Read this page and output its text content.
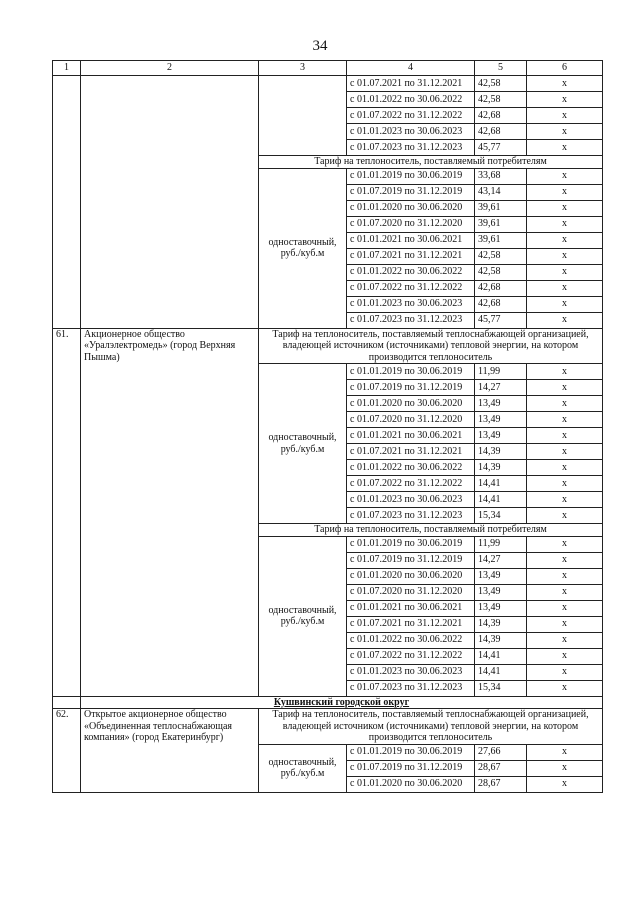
34
1	2	3	4	5	6
			с 01.07.2021 по 31.12.2021	42,58	x
			с 01.01.2022 по 30.06.2022	42,58	x
			с 01.07.2022 по 31.12.2022	42,68	x
			с 01.01.2023 по 30.06.2023	42,68	x
			с 01.07.2023 по 31.12.2023	45,77	x
		Тариф на теплоноситель, поставляемый потребителям			
		одноставочный, руб./куб.м	с 01.01.2019 по 30.06.2019	33,68	x
			с 01.07.2019 по 31.12.2019	43,14	x
			с 01.01.2020 по 30.06.2020	39,61	x
			с 01.07.2020 по 31.12.2020	39,61	x
			с 01.01.2021 по 30.06.2021	39,61	x
			с 01.07.2021 по 31.12.2021	42,58	x
			с 01.01.2022 по 30.06.2022	42,58	x
			с 01.07.2022 по 31.12.2022	42,68	x
			с 01.01.2023 по 30.06.2023	42,68	x
			с 01.07.2023 по 31.12.2023	45,77	x
61.	Акционерное общество «Уралэлектромедь» (город Верхняя Пышма)	Тариф на теплоноситель, поставляемый теплоснабжающей организацией, владеющей источником (источниками) тепловой энергии, на котором производится теплоноситель			
		одноставочный, руб./куб.м	с 01.01.2019 по 30.06.2019	11,99	x
			с 01.07.2019 по 31.12.2019	14,27	x
			с 01.01.2020 по 30.06.2020	13,49	x
			с 01.07.2020 по 31.12.2020	13,49	x
			с 01.01.2021 по 30.06.2021	13,49	x
			с 01.07.2021 по 31.12.2021	14,39	x
			с 01.01.2022 по 30.06.2022	14,39	x
			с 01.07.2022 по 31.12.2022	14,41	x
			с 01.01.2023 по 30.06.2023	14,41	x
			с 01.07.2023 по 31.12.2023	15,34	x
		Тариф на теплоноситель, поставляемый потребителям			
		одноставочный, руб./куб.м	с 01.01.2019 по 30.06.2019	11,99	x
			с 01.07.2019 по 31.12.2019	14,27	x
			с 01.01.2020 по 30.06.2020	13,49	x
			с 01.07.2020 по 31.12.2020	13,49	x
			с 01.01.2021 по 30.06.2021	13,49	x
			с 01.07.2021 по 31.12.2021	14,39	x
			с 01.01.2022 по 30.06.2022	14,39	x
			с 01.07.2022 по 31.12.2022	14,41	x
			с 01.01.2023 по 30.06.2023	14,41	x
			с 01.07.2023 по 31.12.2023	15,34	x
	Кушвинский городской округ				
62.	Открытое акционерное общество «Объединенная теплоснабжающая компания» (город Екатеринбург)	Тариф на теплоноситель, поставляемый теплоснабжающей организацией, владеющей источником (источниками) тепловой энергии, на котором производится теплоноситель			
		одноставочный, руб./куб.м	с 01.01.2019 по 30.06.2019	27,66	x
			с 01.07.2019 по 31.12.2019	28,67	x
			с 01.01.2020 по 30.06.2020	28,67	x
